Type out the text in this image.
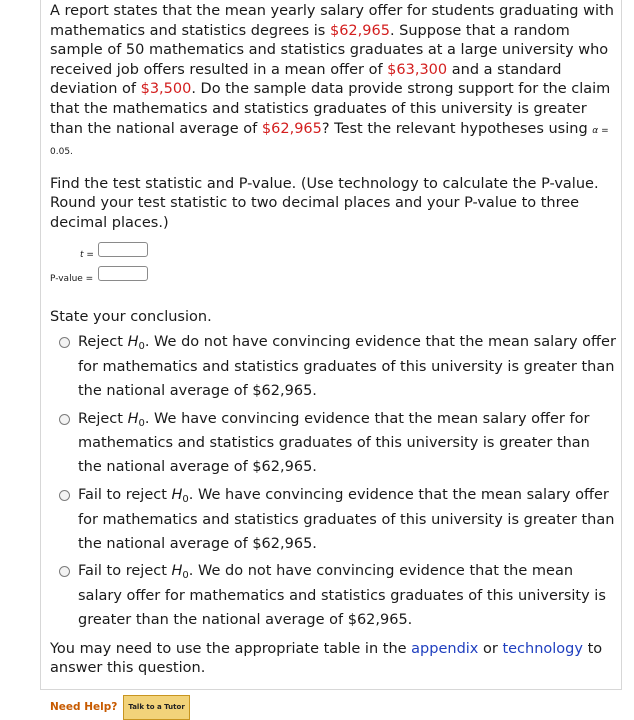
A report states that the mean yearly salary offer for students graduating with mathematics and statistics degrees is $62,965. Suppose that a random sample of 50 mathematics and statistics graduates at a large university who received job offers resulted in a mean offer of $63,300 and a standard deviation of $3,500. Do the sample data provide strong support for the claim that the mathematics and statistics graduates of this university is greater than the national average of $62,965? Test the relevant hypotheses using α = 0.05.

Find the test statistic and P-value. (Use technology to calculate the P-value. Round your test statistic to two decimal places and your P-value to three decimal places.)

t =
P-value =

State your conclusion.

Reject $H_0$. We do not have convincing evidence that the mean salary offer for mathematics and statistics graduates of this university is greater than the national average of $62,965.
Reject $H_0$. We have convincing evidence that the mean salary offer for mathematics and statistics graduates of this university is greater than the national average of $62,965.
Fail to reject $H_0$. We have convincing evidence that the mean salary offer for mathematics and statistics graduates of this university is greater than the national average of $62,965.
Fail to reject $H_0$. We do not have convincing evidence that the mean salary offer for mathematics and statistics graduates of this university is greater than the national average of $62,965.

You may need to use the appropriate table in the appendix or technology to answer this question.

Need Help?	Talk to a Tutor
